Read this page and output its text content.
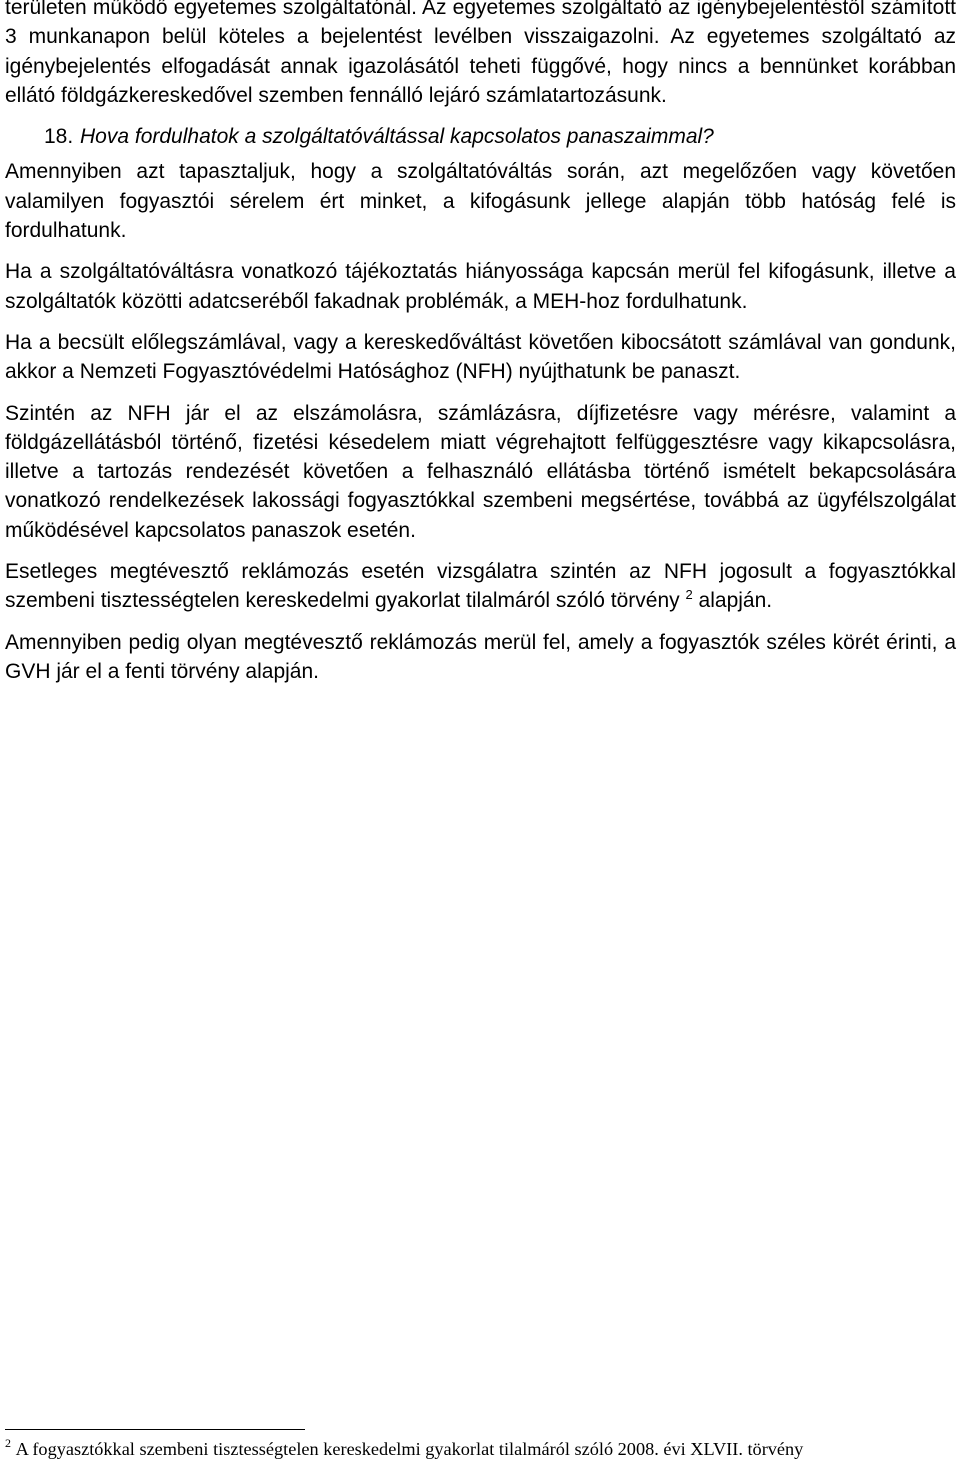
területen működő egyetemes szolgáltatónál. Az egyetemes szolgáltató az igénybejelentéstől számított 3 munkanapon belül köteles a bejelentést levélben visszaigazolni. Az egyetemes szolgáltató az igénybejelentés elfogadását annak igazolásától teheti függővé, hogy nincs a bennünket korábban ellátó földgázkereskedővel szemben fennálló lejáró számlatartozásunk.

18. Hova fordulhatok a szolgáltatóváltással kapcsolatos panaszaimmal?

Amennyiben azt tapasztaljuk, hogy a szolgáltatóváltás során, azt megelőzően vagy követően valamilyen fogyasztói sérelem ért minket, a kifogásunk jellege alapján több hatóság felé is fordulhatunk.

Ha a szolgáltatóváltásra vonatkozó tájékoztatás hiányossága kapcsán merül fel kifogásunk, illetve a szolgáltatók közötti adatcseréből fakadnak problémák, a MEH-hoz fordulhatunk.

Ha a becsült előlegszámlával, vagy a kereskedőváltást követően kibocsátott számlával van gondunk, akkor a Nemzeti Fogyasztóvédelmi Hatósághoz (NFH) nyújthatunk be panaszt.

Szintén az NFH jár el az elszámolásra, számlázásra, díjfizetésre vagy mérésre, valamint a földgázellátásból történő, fizetési késedelem miatt végrehajtott felfüggesztésre vagy kikapcsolásra, illetve a tartozás rendezését követően a felhasználó ellátásba történő ismételt bekapcsolására vonatkozó rendelkezések lakossági fogyasztókkal szembeni megsértése, továbbá az ügyfélszolgálat működésével kapcsolatos panaszok esetén.

Esetleges megtévesztő reklámozás esetén vizsgálatra szintén az NFH jogosult a fogyasztókkal szembeni tisztességtelen kereskedelmi gyakorlat tilalmáról szóló törvény $^2$ alapján.

Amennyiben pedig olyan megtévesztő reklámozás merül fel, amely a fogyasztók széles körét érinti, a GVH jár el a fenti törvény alapján.

$^2$ A fogyasztókkal szembeni tisztességtelen kereskedelmi gyakorlat tilalmáról szóló 2008. évi XLVII. törvény
